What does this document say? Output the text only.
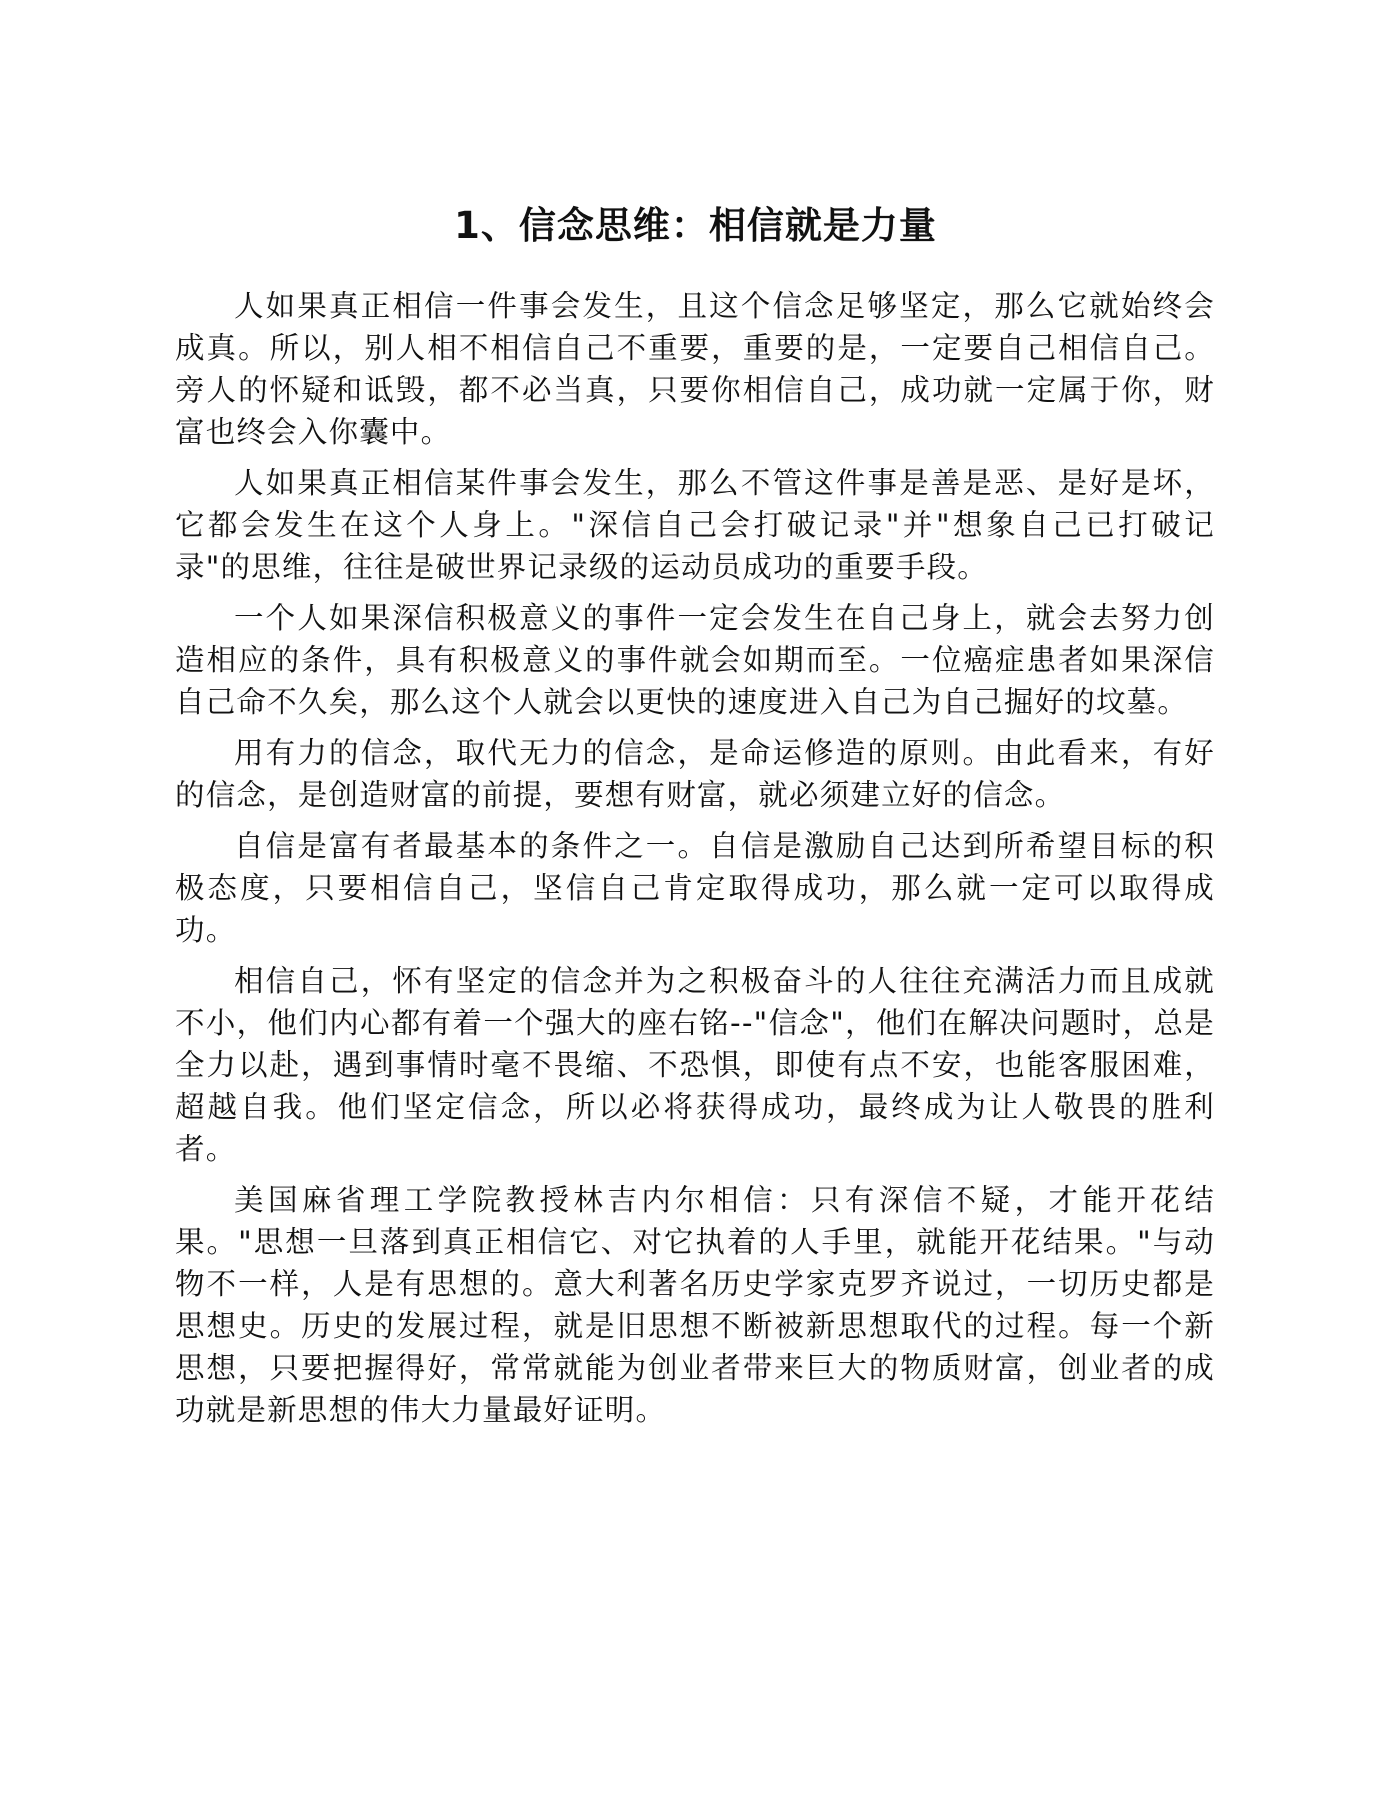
1、信念思维：相信就是力量

人如果真正相信一件事会发生，且这个信念足够坚定，那么它就始终会成真。所以，别人相不相信自己不重要，重要的是，一定要自己相信自己。旁人的怀疑和诋毁，都不必当真，只要你相信自己，成功就一定属于你，财富也终会入你囊中。

人如果真正相信某件事会发生，那么不管这件事是善是恶、是好是坏，它都会发生在这个人身上。"深信自己会打破记录"并"想象自己已打破记录"的思维，往往是破世界记录级的运动员成功的重要手段。

一个人如果深信积极意义的事件一定会发生在自己身上，就会去努力创造相应的条件，具有积极意义的事件就会如期而至。一位癌症患者如果深信自己命不久矣，那么这个人就会以更快的速度进入自己为自己掘好的坟墓。

用有力的信念，取代无力的信念，是命运修造的原则。由此看来，有好的信念，是创造财富的前提，要想有财富，就必须建立好的信念。

自信是富有者最基本的条件之一。自信是激励自己达到所希望目标的积极态度，只要相信自己，坚信自己肯定取得成功，那么就一定可以取得成功。

相信自己，怀有坚定的信念并为之积极奋斗的人往往充满活力而且成就不小，他们内心都有着一个强大的座右铭--"信念"，他们在解决问题时，总是全力以赴，遇到事情时毫不畏缩、不恐惧，即使有点不安，也能客服困难，超越自我。他们坚定信念，所以必将获得成功，最终成为让人敬畏的胜利者。

美国麻省理工学院教授林吉内尔相信：只有深信不疑，才能开花结果。"思想一旦落到真正相信它、对它执着的人手里，就能开花结果。"与动物不一样，人是有思想的。意大利著名历史学家克罗齐说过，一切历史都是思想史。历史的发展过程，就是旧思想不断被新思想取代的过程。每一个新思想，只要把握得好，常常就能为创业者带来巨大的物质财富，创业者的成功就是新思想的伟大力量最好证明。
